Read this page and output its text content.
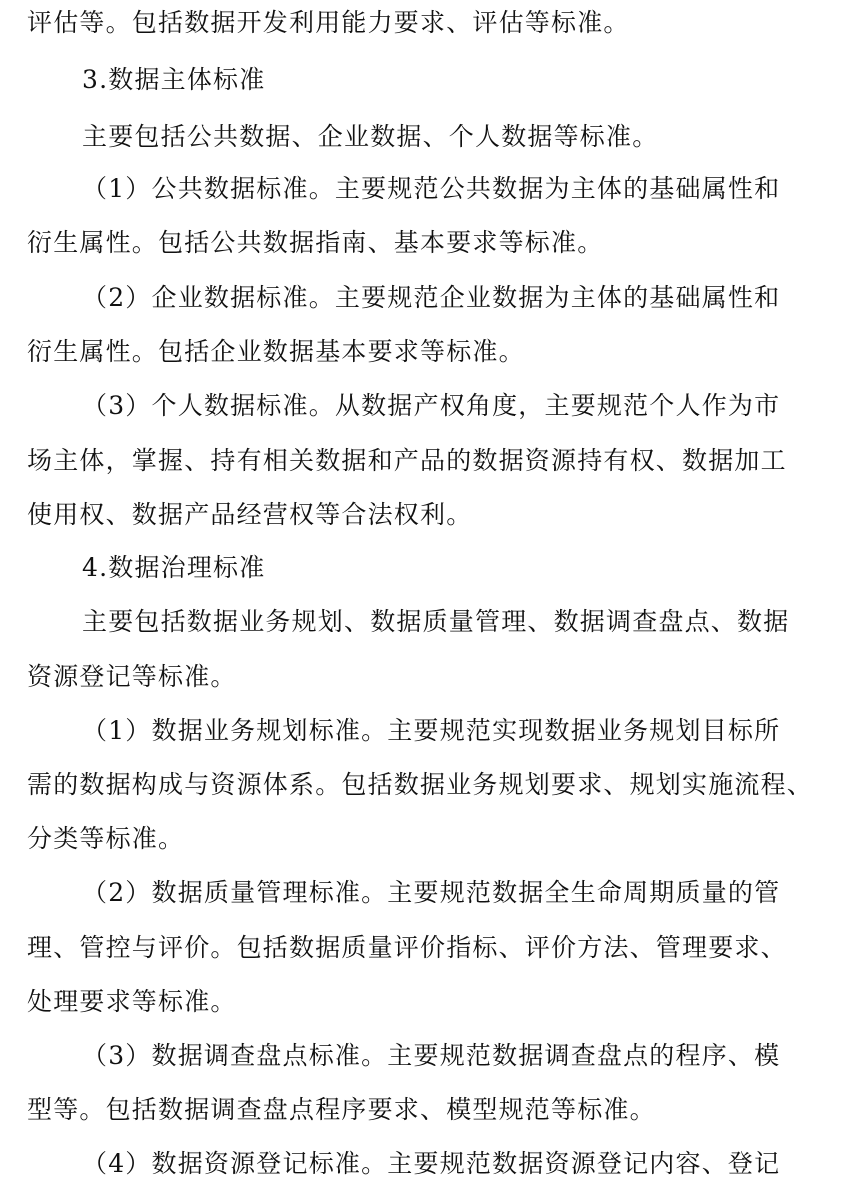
评估等。包括数据开发利用能力要求、评估等标准。
3.数据主体标准
主要包括公共数据、企业数据、个人数据等标准。
（1）公共数据标准。主要规范公共数据为主体的基础属性和
衍生属性。包括公共数据指南、基本要求等标准。
（2）企业数据标准。主要规范企业数据为主体的基础属性和
衍生属性。包括企业数据基本要求等标准。
（3）个人数据标准。从数据产权角度，主要规范个人作为市
场主体，掌握、持有相关数据和产品的数据资源持有权、数据加工
使用权、数据产品经营权等合法权利。
4.数据治理标准
主要包括数据业务规划、数据质量管理、数据调查盘点、数据
资源登记等标准。
（1）数据业务规划标准。主要规范实现数据业务规划目标所
需的数据构成与资源体系。包括数据业务规划要求、规划实施流程、
分类等标准。
（2）数据质量管理标准。主要规范数据全生命周期质量的管
理、管控与评价。包括数据质量评价指标、评价方法、管理要求、
处理要求等标准。
（3）数据调查盘点标准。主要规范数据调查盘点的程序、模
型等。包括数据调查盘点程序要求、模型规范等标准。
（4）数据资源登记标准。主要规范数据资源登记内容、登记
